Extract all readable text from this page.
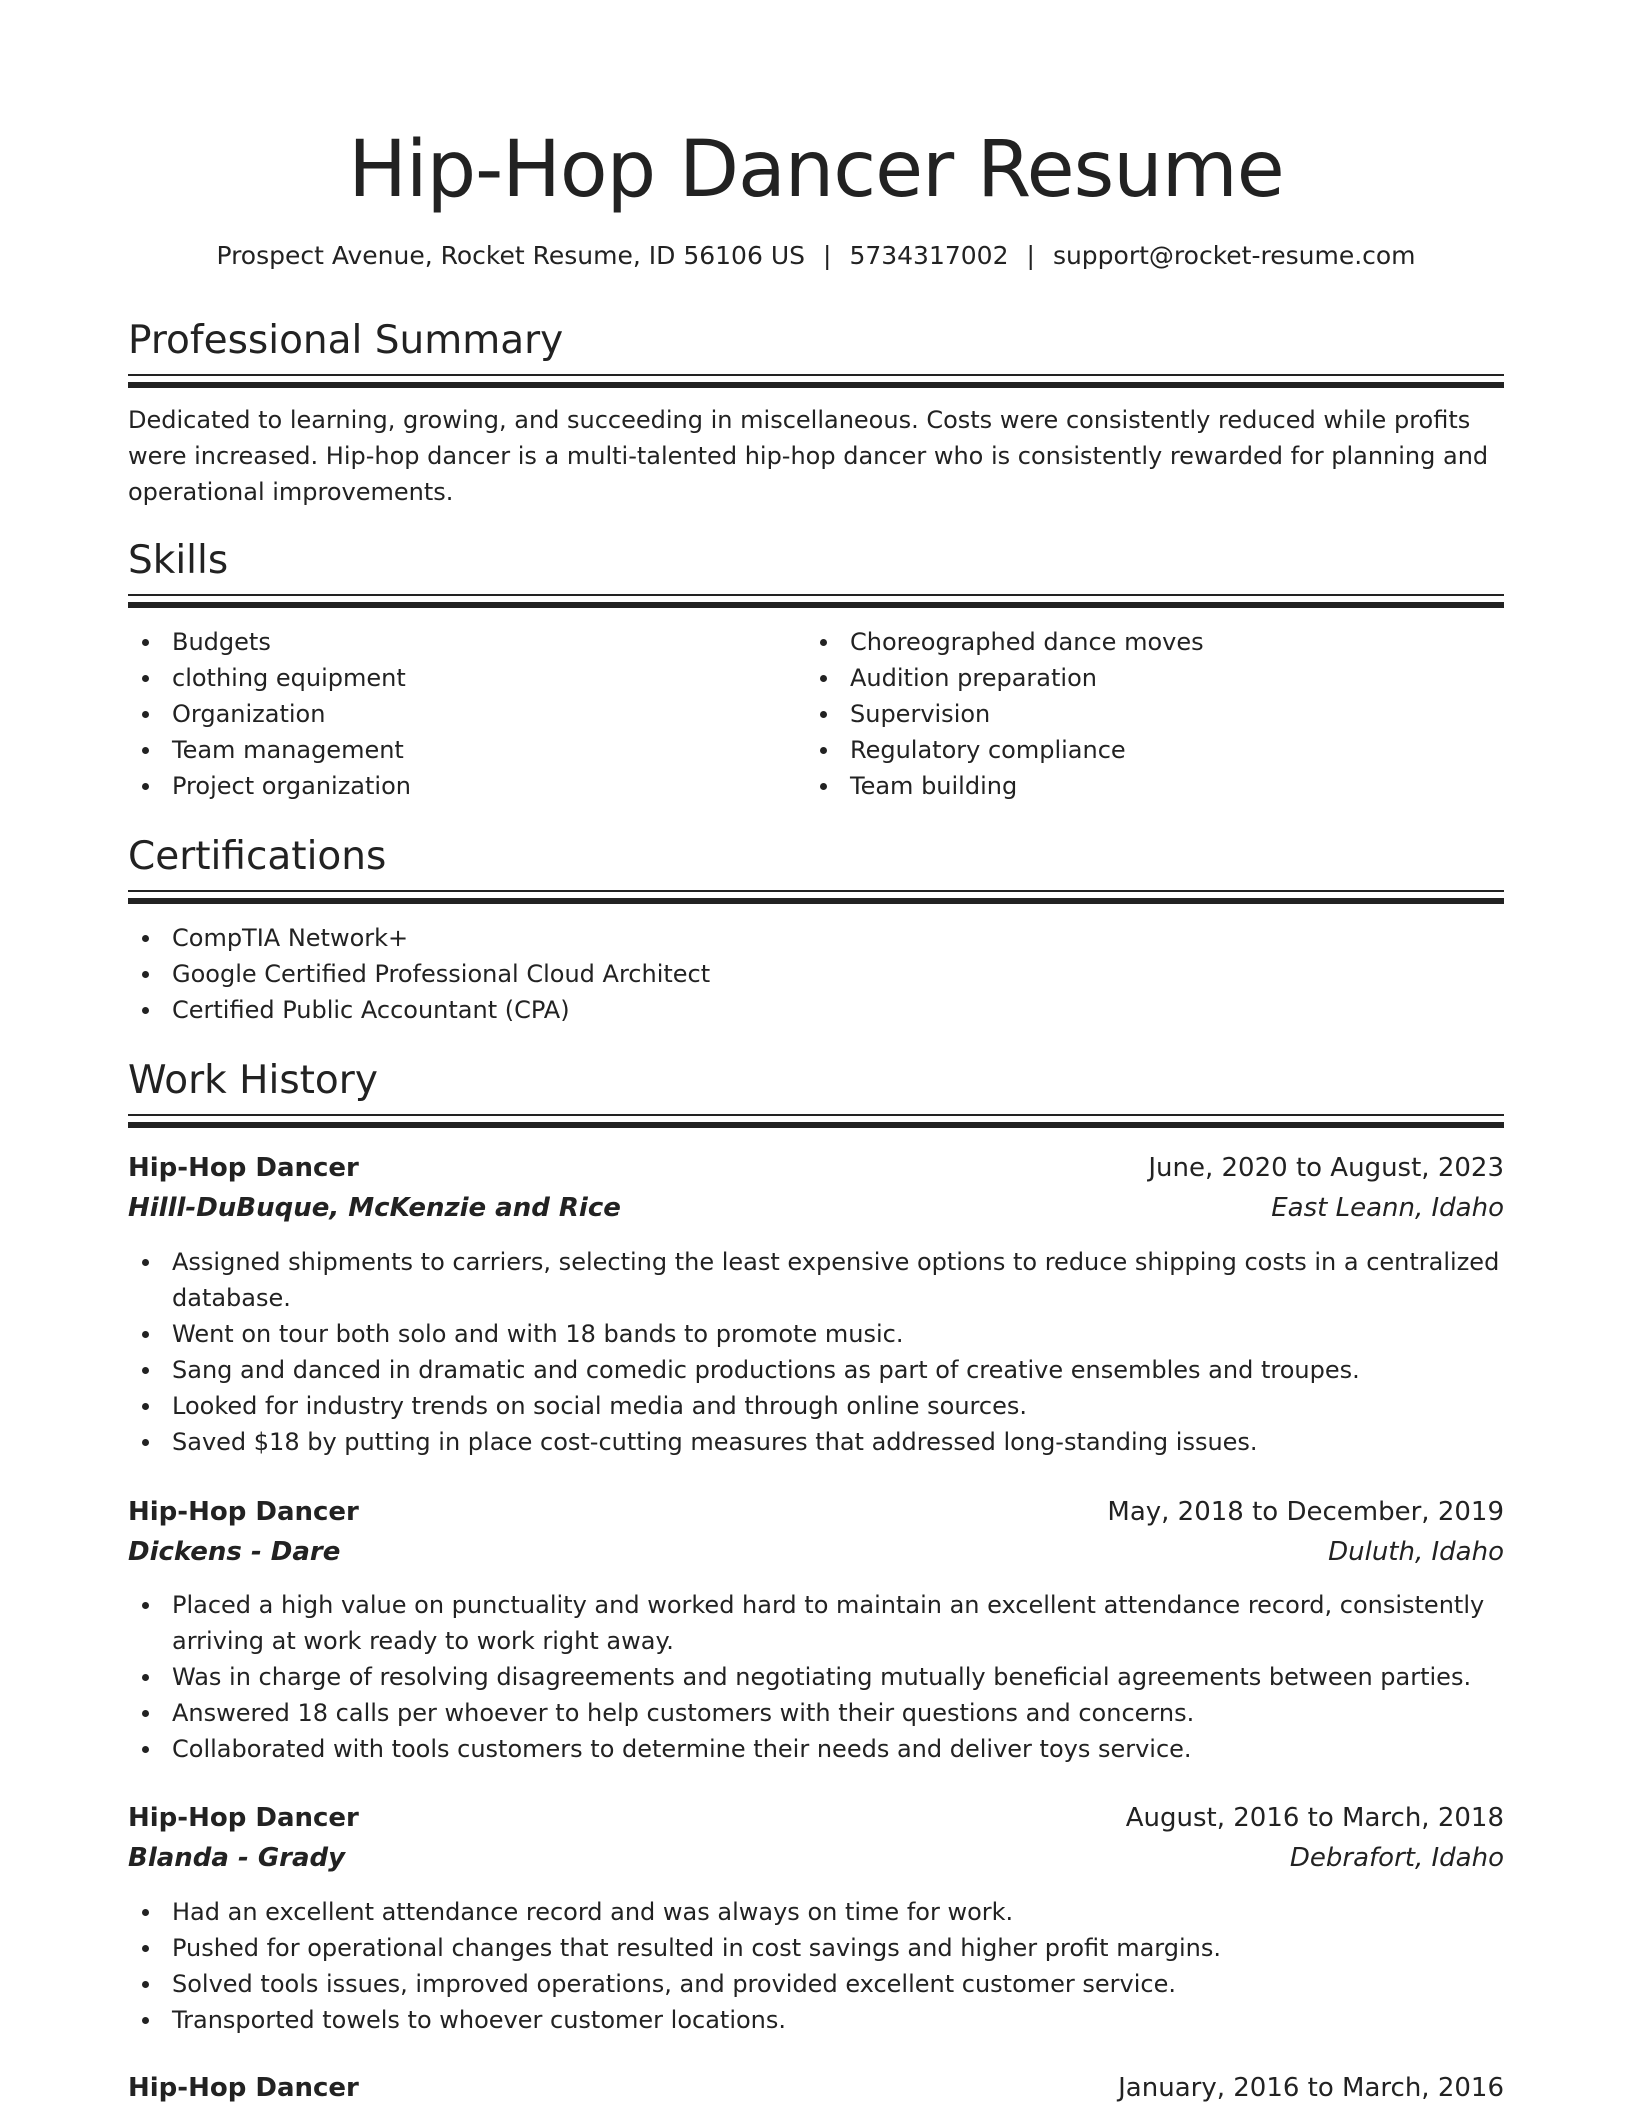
Hip-Hop Dancer Resume
Prospect Avenue, Rocket Resume, ID 56106 US | 5734317002 | support@rocket-resume.com
Professional Summary

Dedicated to learning, growing, and succeeding in miscellaneous. Costs were consistently reduced while profits were increased. Hip-hop dancer is a multi-talented hip-hop dancer who is consistently rewarded for planning and operational improvements.

Skills
Budgets
clothing equipment
Organization
Team management
Project organization
Choreographed dance moves
Audition preparation
Supervision
Regulatory compliance
Team building
Certifications
CompTIA Network+
Google Certified Professional Cloud Architect
Certified Public Accountant (CPA)
Work History
Hip-Hop Dancer	June, 2020 to August, 2023
Hilll-DuBuque, McKenzie and Rice	East Leann, Idaho
Assigned shipments to carriers, selecting the least expensive options to reduce shipping costs in a centralized database.
Went on tour both solo and with 18 bands to promote music.
Sang and danced in dramatic and comedic productions as part of creative ensembles and troupes.
Looked for industry trends on social media and through online sources.
Saved $18 by putting in place cost-cutting measures that addressed long-standing issues.
Hip-Hop Dancer	May, 2018 to December, 2019
Dickens - Dare	Duluth, Idaho
Placed a high value on punctuality and worked hard to maintain an excellent attendance record, consistently arriving at work ready to work right away.
Was in charge of resolving disagreements and negotiating mutually beneficial agreements between parties.
Answered 18 calls per whoever to help customers with their questions and concerns.
Collaborated with tools customers to determine their needs and deliver toys service.
Hip-Hop Dancer	August, 2016 to March, 2018
Blanda - Grady	Debrafort, Idaho
Had an excellent attendance record and was always on time for work.
Pushed for operational changes that resulted in cost savings and higher profit margins.
Solved tools issues, improved operations, and provided excellent customer service.
Transported towels to whoever customer locations.
Hip-Hop Dancer	January, 2016 to March, 2016
